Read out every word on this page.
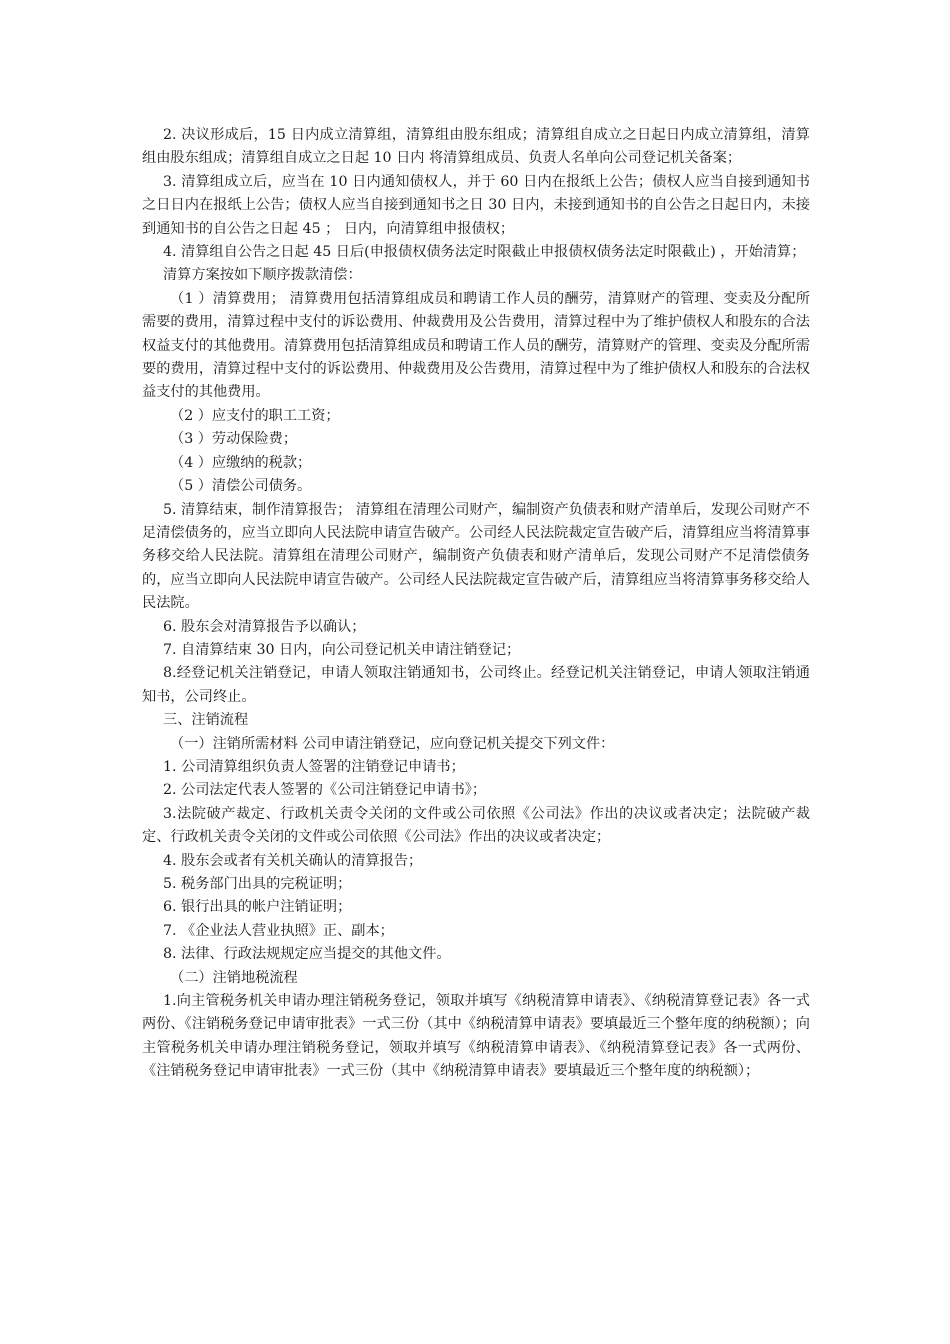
2. 决议形成后，15 日内成立清算组，清算组由股东组成；清算组自成立之日起日内成立清算组，清算组由股东组成；清算组自成立之日起 10 日内 将清算组成员、负责人名单向公司登记机关备案；

3. 清算组成立后，应当在 10 日内通知债权人，并于 60 日内在报纸上公告；债权人应当自接到通知书之日日内在报纸上公告；债权人应当自接到通知书之日 30 日内，未接到通知书的自公告之日起日内，未接到通知书的自公告之日起 45 ； 日内，向清算组申报债权；

4. 清算组自公告之日起 45 日后(申报债权债务法定时限截止申报债权债务法定时限截止) ，开始清算；

清算方案按如下顺序拨款清偿：

（1 ）清算费用； 清算费用包括清算组成员和聘请工作人员的酬劳，清算财产的管理、变卖及分配所需要的费用，清算过程中支付的诉讼费用、仲裁费用及公告费用，清算过程中为了维护债权人和股东的合法权益支付的其他费用。清算费用包括清算组成员和聘请工作人员的酬劳，清算财产的管理、变卖及分配所需要的费用，清算过程中支付的诉讼费用、仲裁费用及公告费用，清算过程中为了维护债权人和股东的合法权益支付的其他费用。

（2 ）应支付的职工工资；

（3 ）劳动保险费；

（4 ）应缴纳的税款；

（5 ）清偿公司债务。

5. 清算结束，制作清算报告； 清算组在清理公司财产，编制资产负债表和财产清单后，发现公司财产不足清偿债务的，应当立即向人民法院申请宣告破产。公司经人民法院裁定宣告破产后，清算组应当将清算事务移交给人民法院。清算组在清理公司财产，编制资产负债表和财产清单后，发现公司财产不足清偿债务的，应当立即向人民法院申请宣告破产。公司经人民法院裁定宣告破产后，清算组应当将清算事务移交给人民法院。

6. 股东会对清算报告予以确认；

7. 自清算结束 30 日内，向公司登记机关申请注销登记；

8.经登记机关注销登记，申请人领取注销通知书，公司终止。经登记机关注销登记，申请人领取注销通知书，公司终止。

三、注销流程

（一）注销所需材料 公司申请注销登记，应向登记机关提交下列文件：

1. 公司清算组织负责人签署的注销登记申请书；

2. 公司法定代表人签署的《公司注销登记申请书》；

3.法院破产裁定、行政机关责令关闭的文件或公司依照《公司法》作出的决议或者决定；法院破产裁定、行政机关责令关闭的文件或公司依照《公司法》作出的决议或者决定；

4. 股东会或者有关机关确认的清算报告；

5. 税务部门出具的完税证明；

6. 银行出具的帐户注销证明；

7. 《企业法人营业执照》正、副本；

8. 法律、行政法规规定应当提交的其他文件。

（二）注销地税流程

1.向主管税务机关申请办理注销税务登记，领取并填写《纳税清算申请表》、《纳税清算登记表》各一式两份、《注销税务登记申请审批表》一式三份（其中《纳税清算申请表》要填最近三个整年度的纳税额）；向主管税务机关申请办理注销税务登记，领取并填写《纳税清算申请表》、《纳税清算登记表》各一式两份、《注销税务登记申请审批表》一式三份（其中《纳税清算申请表》要填最近三个整年度的纳税额）；
